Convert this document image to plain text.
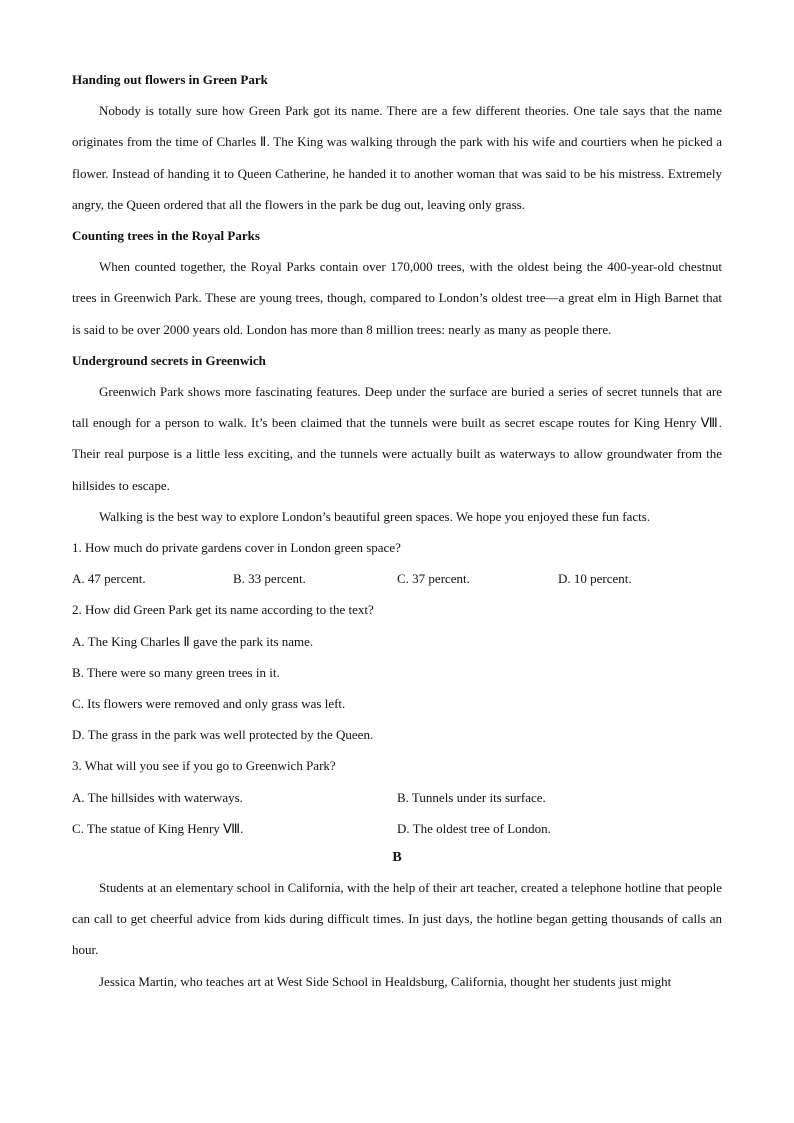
Handing out flowers in Green Park

Nobody is totally sure how Green Park got its name. There are a few different theories. One tale says that the name originates from the time of Charles Ⅱ. The King was walking through the park with his wife and courtiers when he picked a flower. Instead of handing it to Queen Catherine, he handed it to another woman that was said to be his mistress. Extremely angry, the Queen ordered that all the flowers in the park be dug out, leaving only grass.

Counting trees in the Royal Parks

When counted together, the Royal Parks contain over 170,000 trees, with the oldest being the 400-year-old chestnut trees in Greenwich Park. These are young trees, though, compared to London’s oldest tree—a great elm in High Barnet that is said to be over 2000 years old. London has more than 8 million trees: nearly as many as people there.

Underground secrets in Greenwich

Greenwich Park shows more fascinating features. Deep under the surface are buried a series of secret tunnels that are tall enough for a person to walk. It’s been claimed that the tunnels were built as secret escape routes for King Henry Ⅷ. Their real purpose is a little less exciting, and the tunnels were actually built as waterways to allow groundwater from the hillsides to escape.

Walking is the best way to explore London’s beautiful green spaces. We hope you enjoyed these fun facts.

1. How much do private gardens cover in London green space?

A. 47 percent.	B. 33 percent.	C. 37 percent.	D. 10 percent.

2. How did Green Park get its name according to the text?

A. The King Charles Ⅱ gave the park its name.

B. There were so many green trees in it.

C. Its flowers were removed and only grass was left.

D. The grass in the park was well protected by the Queen.

3. What will you see if you go to Greenwich Park?

A. The hillsides with waterways.	B. Tunnels under its surface.
C. The statue of King Henry Ⅷ.	D. The oldest tree of London.
B

Students at an elementary school in California, with the help of their art teacher, created a telephone hotline that people can call to get cheerful advice from kids during difficult times. In just days, the hotline began getting thousands of calls an hour.

Jessica Martin, who teaches art at West Side School in Healdsburg, California, thought her students just might
